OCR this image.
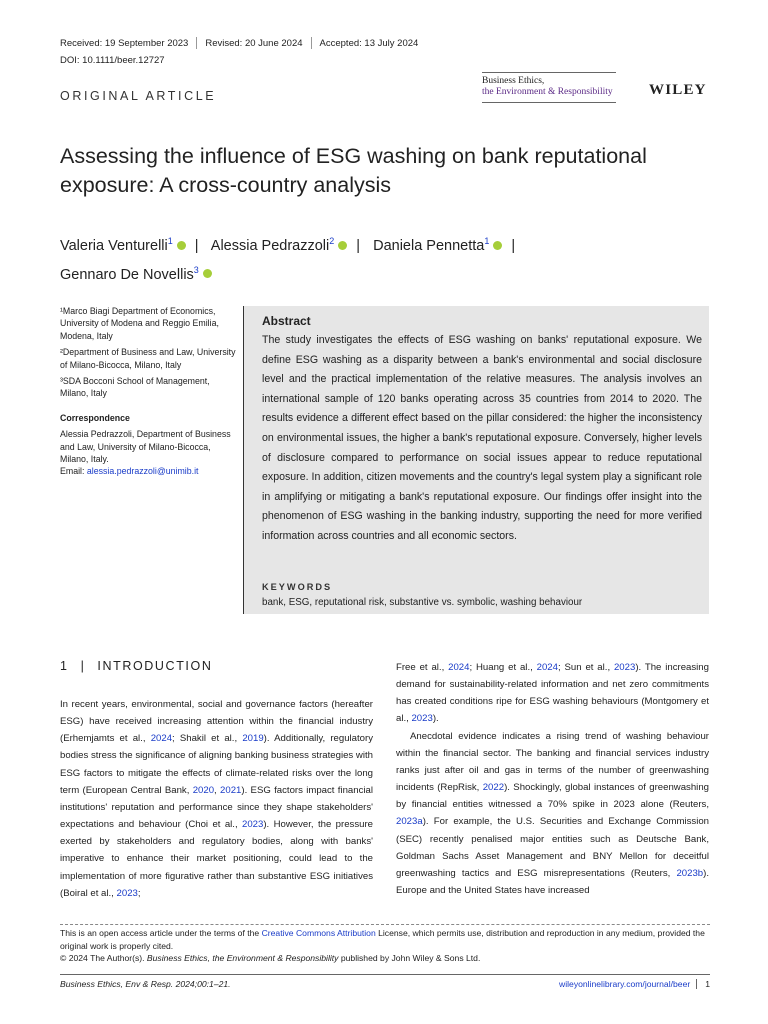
Received: 19 September 2023 Revised: 20 June 2024 Accepted: 13 July 2024
DOI: 10.1111/beer.12727
ORIGINAL ARTICLE
Business Ethics,
the Environment & Responsibility WILEY
Assessing the influence of ESG washing on bank reputational exposure: A cross-country analysis
Valeria Venturelli$^1$ | Alessia Pedrazzoli$^2$ | Daniela Pennetta$^1$ |
Gennaro De Novellis$^3$

¹Marco Biagi Department of Economics, University of Modena and Reggio Emilia, Modena, Italy

²Department of Business and Law, University of Milano-Bicocca, Milano, Italy

³SDA Bocconi School of Management, Milano, Italy

Correspondence

Alessia Pedrazzoli, Department of Business and Law, University of Milano-Bicocca, Milano, Italy.
Email: alessia.pedrazzoli@unimib.it

Abstract
The study investigates the effects of ESG washing on banks' reputational exposure. We define ESG washing as a disparity between a bank's environmental and social disclosure level and the practical implementation of the relative measures. The analysis involves an international sample of 120 banks operating across 35 countries from 2014 to 2020. The results evidence a different effect based on the pillar considered: the higher the inconsistency on environmental issues, the higher a bank's reputational exposure. Conversely, higher levels of disclosure compared to performance on social issues appear to reduce reputational exposure. In addition, citizen movements and the country's legal system play a significant role in amplifying or mitigating a bank's reputational exposure. Our findings offer insight into the phenomenon of ESG washing in the banking industry, supporting the need for more verified information across countries and all economic sectors.
KEYWORDS
bank, ESG, reputational risk, substantive vs. symbolic, washing behaviour
1 | INTRODUCTION

In recent years, environmental, social and governance factors (hereafter ESG) have received increasing attention within the financial industry (Erhemjamts et al., 2024; Shakil et al., 2019). Additionally, regulatory bodies stress the significance of aligning banking business strategies with ESG factors to mitigate the effects of climate-related risks over the long term (European Central Bank, 2020, 2021). ESG factors impact financial institutions' reputation and performance since they shape stakeholders' expectations and behaviour (Choi et al., 2023). However, the pressure exerted by stakeholders and regulatory bodies, along with banks' imperative to enhance their market positioning, could lead to the implementation of more figurative rather than substantive ESG initiatives (Boiral et al., 2023;

Free et al., 2024; Huang et al., 2024; Sun et al., 2023). The increasing demand for sustainability-related information and net zero commitments has created conditions ripe for ESG washing behaviours (Montgomery et al., 2023).

Anecdotal evidence indicates a rising trend of washing behaviour within the financial sector. The banking and financial services industry ranks just after oil and gas in terms of the number of greenwashing incidents (RepRisk, 2022). Shockingly, global instances of greenwashing by financial entities witnessed a 70% spike in 2023 alone (Reuters, 2023a). For example, the U.S. Securities and Exchange Commission (SEC) recently penalised major entities such as Deutsche Bank, Goldman Sachs Asset Management and BNY Mellon for deceitful greenwashing tactics and ESG misrepresentations (Reuters, 2023b). Europe and the United States have increased

This is an open access article under the terms of the Creative Commons Attribution License, which permits use, distribution and reproduction in any medium, provided the original work is properly cited.
© 2024 The Author(s). Business Ethics, the Environment & Responsibility published by John Wiley & Sons Ltd.
Business Ethics, Env & Resp. 2024;00:1–21.	wileyonlinelibrary.com/journal/beer 1
